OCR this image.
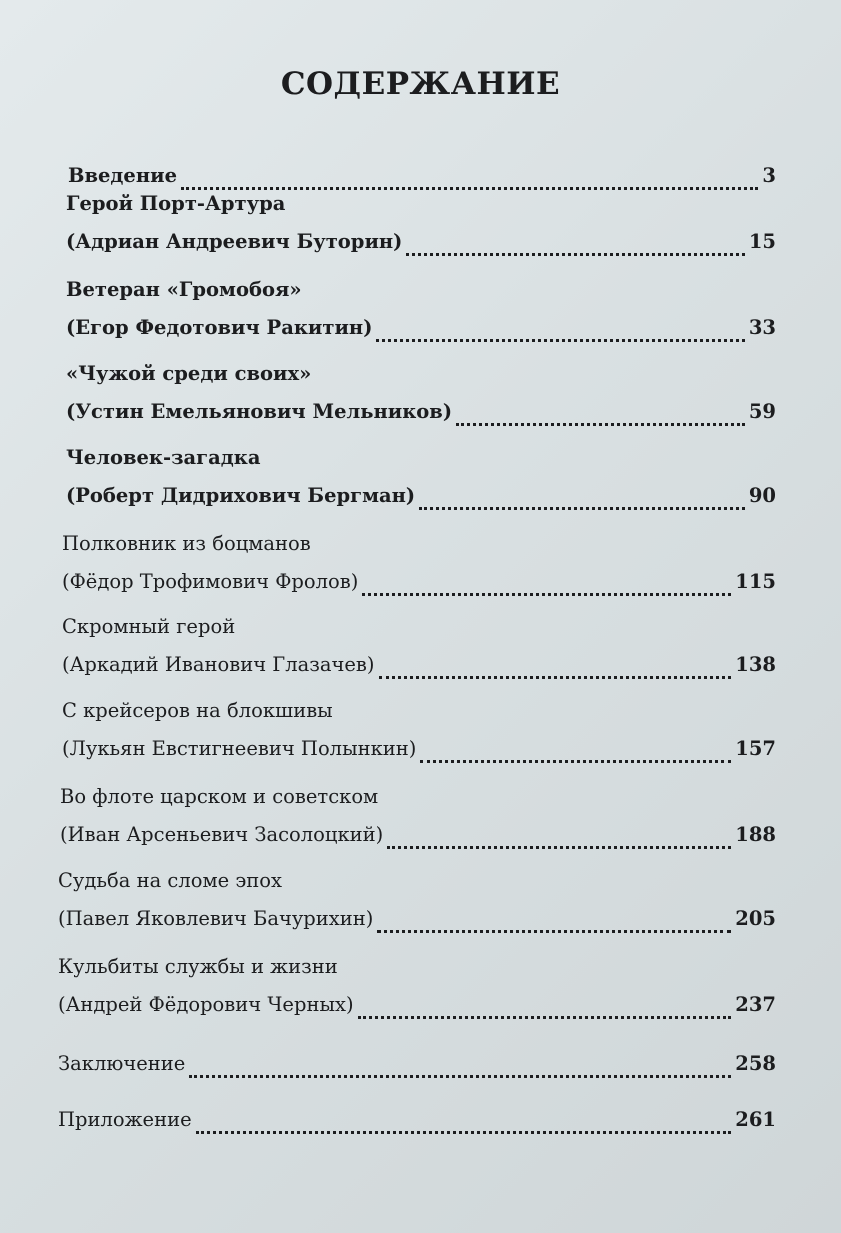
СОДЕРЖАНИЕ
Введение	3
Герой Порт-Артура
(Адриан Андреевич Буторин)	15
Ветеран «Громобоя»
(Егор Федотович Ракитин)	33
«Чужой среди своих»
(Устин Емельянович Мельников)	59
Человек-загадка
(Роберт Дидрихович Бергман)	90
Полковник из боцманов
(Фёдор Трофимович Фролов)	115
Скромный герой
(Аркадий Иванович Глазачев)	138
С крейсеров на блокшивы
(Лукьян Евстигнеевич Полынкин)	157
Во флоте царском и советском
(Иван Арсеньевич Засолоцкий)	188
Судьба на сломе эпох
(Павел Яковлевич Бачурихин)	205
Кульбиты службы и жизни
(Андрей Фёдорович Черных)	237
Заключение	258
Приложение	261
